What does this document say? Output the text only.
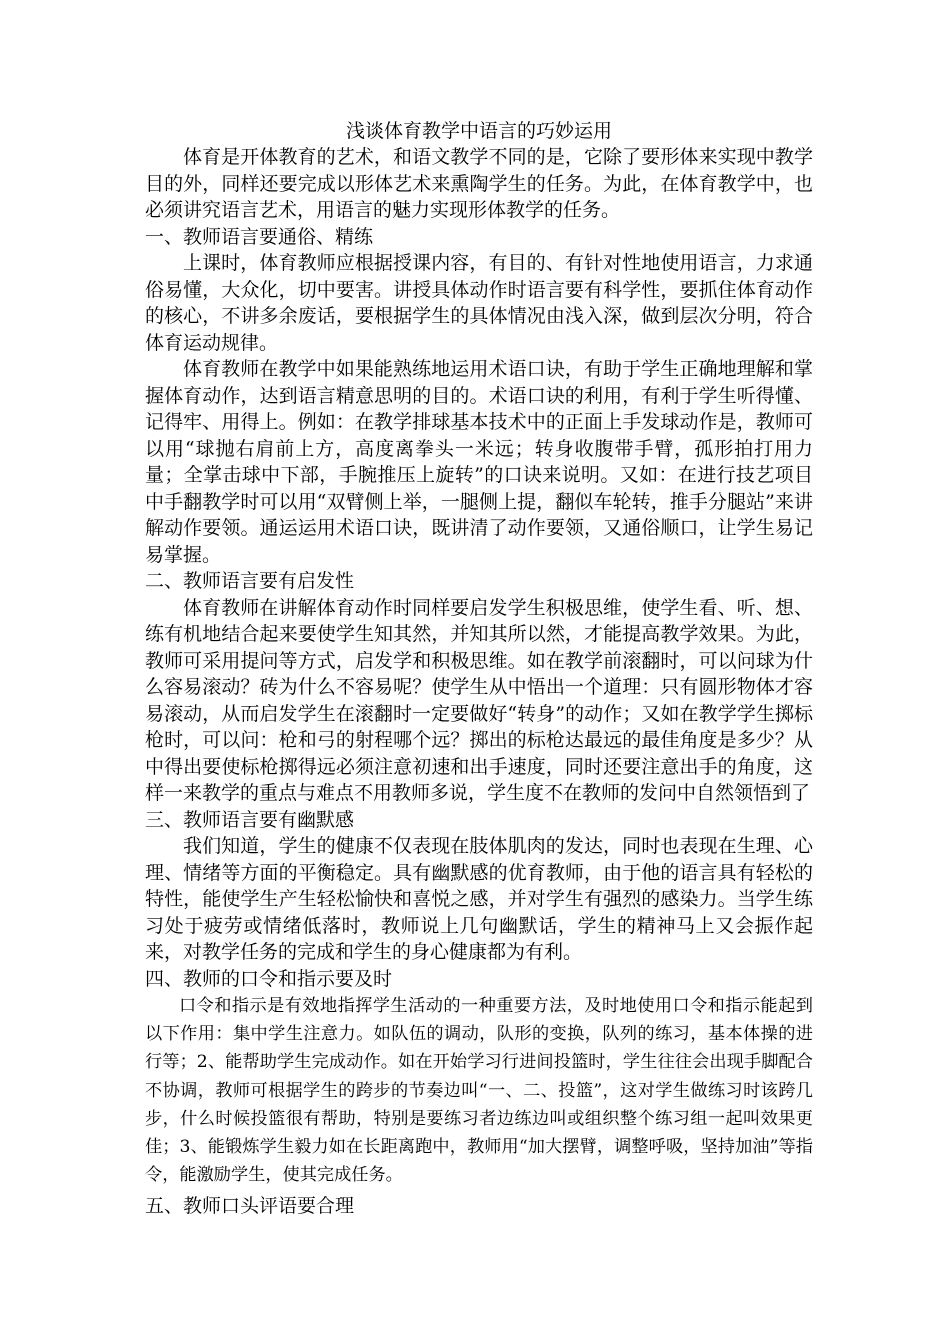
浅谈体育教学中语言的巧妙运用

体育是开体教育的艺术，和语文教学不同的是，它除了要形体来实现中教学目的外，同样还要完成以形体艺术来熏陶学生的任务。为此，在体育教学中，也必须讲究语言艺术，用语言的魅力实现形体教学的任务。

一、教师语言要通俗、精练

上课时，体育教师应根据授课内容，有目的、有针对性地使用语言，力求通俗易懂，大众化，切中要害。讲授具体动作时语言要有科学性，要抓住体育动作的核心，不讲多余废话，要根据学生的具体情况由浅入深，做到层次分明，符合体育运动规律。

体育教师在教学中如果能熟练地运用术语口诀，有助于学生正确地理解和掌握体育动作，达到语言精意思明的目的。术语口诀的利用，有利于学生听得懂、记得牢、用得上。例如：在教学排球基本技术中的正面上手发球动作是，教师可以用“球抛右肩前上方，高度离拳头一米远；转身收腹带手臂，孤形拍打用力量；全掌击球中下部，手腕推压上旋转”的口诀来说明。又如：在进行技艺项目中手翻教学时可以用“双臂侧上举，一腿侧上提，翻似车轮转，推手分腿站”来讲解动作要领。通运运用术语口诀，既讲清了动作要领，又通俗顺口，让学生易记易掌握。

二、教师语言要有启发性

体育教师在讲解体育动作时同样要启发学生积极思维，使学生看、听、想、练有机地结合起来要使学生知其然，并知其所以然，才能提高教学效果。为此，教师可采用提问等方式，启发学和积极思维。如在教学前滚翻时，可以问球为什么容易滚动？砖为什么不容易呢？使学生从中悟出一个道理：只有圆形物体才容易滚动，从而启发学生在滚翻时一定要做好“转身”的动作；又如在教学学生掷标枪时，可以问：枪和弓的射程哪个远？掷出的标枪达最远的最佳角度是多少？从中得出要使标枪掷得远必须注意初速和出手速度，同时还要注意出手的角度，这样一来教学的重点与难点不用教师多说，学生度不在教师的发问中自然领悟到了

三、教师语言要有幽默感

我们知道，学生的健康不仅表现在肢体肌肉的发达，同时也表现在生理、心理、情绪等方面的平衡稳定。具有幽默感的优育教师，由于他的语言具有轻松的特性，能使学生产生轻松愉快和喜悦之感，并对学生有强烈的感染力。当学生练习处于疲劳或情绪低落时，教师说上几句幽默话，学生的精神马上又会振作起来，对教学任务的完成和学生的身心健康都为有利。

四、教师的口令和指示要及时

口令和指示是有效地指挥学生活动的一种重要方法，及时地使用口令和指示能起到以下作用：集中学生注意力。如队伍的调动，队形的变换，队列的练习，基本体操的进行等；2、能帮助学生完成动作。如在开始学习行进间投篮时，学生往往会出现手脚配合不协调，教师可根据学生的跨步的节奏边叫“一、二、投篮”，这对学生做练习时该跨几步，什么时候投篮很有帮助，特别是要练习者边练边叫或组织整个练习组一起叫效果更佳；3、能锻炼学生毅力如在长距离跑中，教师用“加大摆臂，调整呼吸，坚持加油”等指令，能激励学生，使其完成任务。

五、教师口头评语要合理
